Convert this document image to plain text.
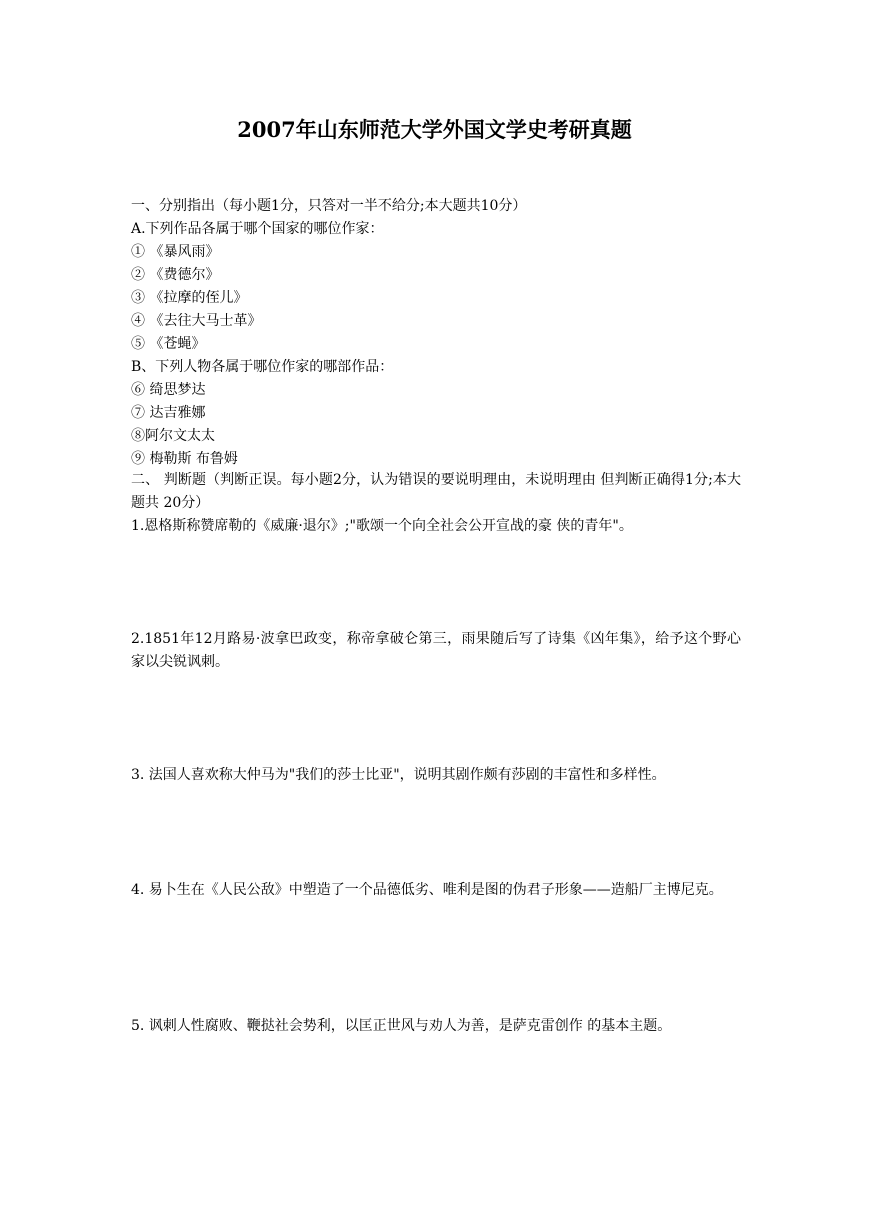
2007年山东师范大学外国文学史考研真题

一、分别指出（每小题1分，只答对一半不给分;本大题共10分）

A.下列作品各属于哪个国家的哪位作家：

① 《暴风雨》

② 《费德尔》

③ 《拉摩的侄儿》

④ 《去往大马士革》

⑤ 《苍蝇》

B、下列人物各属于哪位作家的哪部作品：

⑥ 绮思梦达

⑦ 达吉雅娜

⑧阿尔文太太

⑨ 梅勒斯 布鲁姆

二、 判断题（判断正误。每小题2分，认为错误的要说明理由，未说明理由 但判断正确得1分;本大题共 20分）

1.恩格斯称赞席勒的《威廉·退尔》;"歌颂一个向全社会公开宣战的豪 侠的青年"。

2.1851年12月路易·波拿巴政变，称帝拿破仑第三，雨果随后写了诗集《凶年集》，给予这个野心家以尖锐讽刺。

3. 法国人喜欢称大仲马为"我们的莎士比亚"，说明其剧作颇有莎剧的丰富性和多样性。

4. 易卜生在《人民公敌》中塑造了一个品德低劣、唯利是图的伪君子形象——造船厂主博尼克。

5. 讽刺人性腐败、鞭挞社会势利，以匡正世风与劝人为善，是萨克雷创作 的基本主题。
